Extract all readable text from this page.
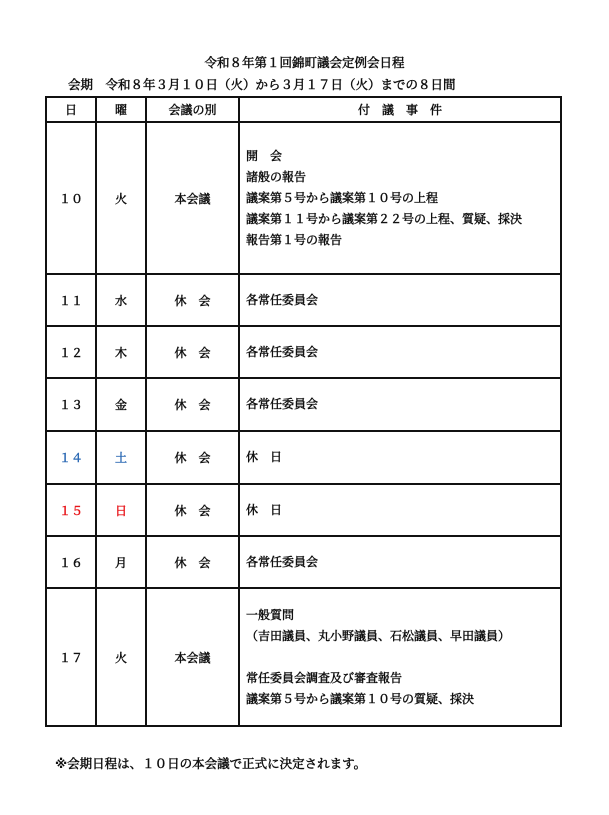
令和８年第１回錦町議会定例会日程
会期　令和８年３月１０日（火）から３月１７日（火）までの８日間
日	曜	会議の別	付　議　事　件
１０	火	本会議	開　会
諸般の報告
議案第５号から議案第１０号の上程
議案第１１号から議案第２２号の上程、質疑、採決
報告第１号の報告

１１	水	休　会	各常任委員会

１２	木	休　会	各常任委員会

１３	金	休　会	各常任委員会

１４	土	休　会	休　日

１５	日	休　会	休　日

１６	月	休　会	各常任委員会

１７	火	本会議	一般質問
（吉田議員、丸小野議員、石松議員、早田議員）

常任委員会調査及び審査報告
議案第５号から議案第１０号の質疑、採決
※会期日程は、１０日の本会議で正式に決定されます。
